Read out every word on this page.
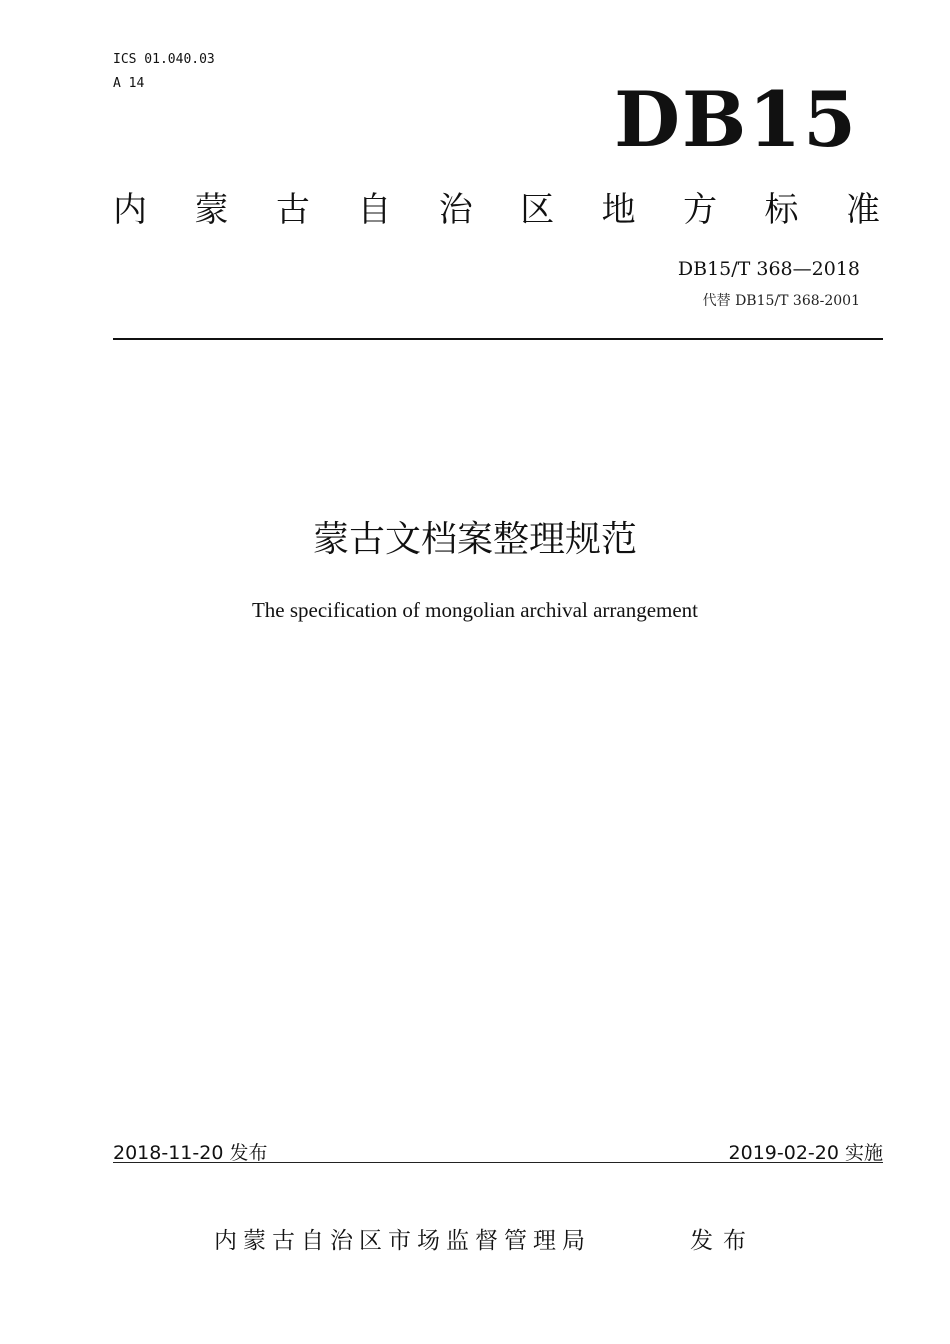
ICS 01.040.03
A 14	DB15
内 蒙 古 自 治 区 地 方 标 准
DB15/T 368—2018
代替 DB15/T 368-2001
蒙古文档案整理规范
The specification of mongolian archival arrangement
2018-11-20 发布	2019-02-20 实施
内蒙古自治区市场监督管理局	发布
